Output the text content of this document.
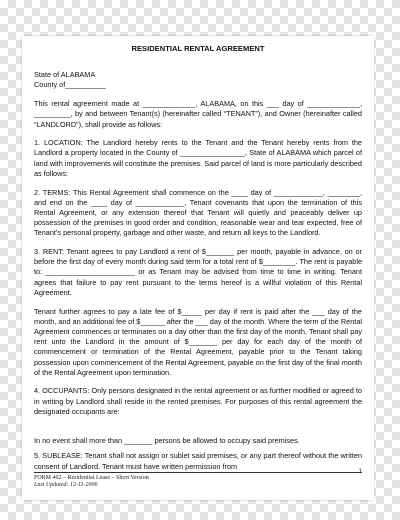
RESIDENTIAL RENTAL AGREEMENT

State of ALABAMA

County of__________

This rental agreement made at _____________, ALABAMA, on this ___ day of _____________, _________, by and between Tenant(s) (hereinafter called “TENANT”), and Owner (hereinafter called “LANDLORD”), shall provide as follows:

1. LOCATION: The Landlord hereby rents to the Tenant and the Tenant hereby rents from the Landlord a property located in the County of ________________, State of ALABAMA which parcel of land with improvements will constitute the premises. Said parcel of land is more particularly described as follows:

2. TERMS: This Rental Agreement shall commence on the ____ day of ____________, ________, and end on the ____ day of ____________, Tenant covenants that upon the termination of this Rental Agreement, or any extension thereof that Tenant will quietly and peaceably deliver up possession of the premises in good order and condition, reasonable wear and tear expected, free of Tenant’s personal property, garbage and other waste, and return all keys to the Landlord.

3. RENT: Tenant agrees to pay Landlord a rent of $_______ per month, payable in advance, on or before the first day of every month during said term for a total rent of $________. The rent is payable to: ______________________ or as Tenant may be advised from time to time in writing. Tenant agrees that failure to pay rent pursuant to the terms hereof is a willful violation of this Rental Agreement.

Tenant further agrees to pay a late fee of $_____ per day if rent is paid after the ___ day of the month, and an additional fee of $______ after the ___ day of the month. Where the term of the Rental Agreement commences or terminates on a day other than the first day of the month, Tenant shall pay rent unto the Landlord in the amount of $_______ per day for each day of the month of commencement or termination of the Rental Agreement, payable prior to the Tenant taking possession upon commencement of the Rental Agreement, payable on the first day of the final month of the Rental Agreement upon termination.

4. OCCUPANTS: Only persons designated in the rental agreement or as further modified or agreed to in writing by Landlord shall reside in the rented premises. For purposes of this rental agreement the designated occupants are:

In no event shall more than _______ persons be allowed to occupy said premises.

5. SUBLEASE: Tenant shall not assign or sublet said premises, or any part thereof without the written consent of Landlord. Tenant must have written permission from

1
FORM 402 – Residential Lease – Short Version
Last Updated: 12-11-2006
